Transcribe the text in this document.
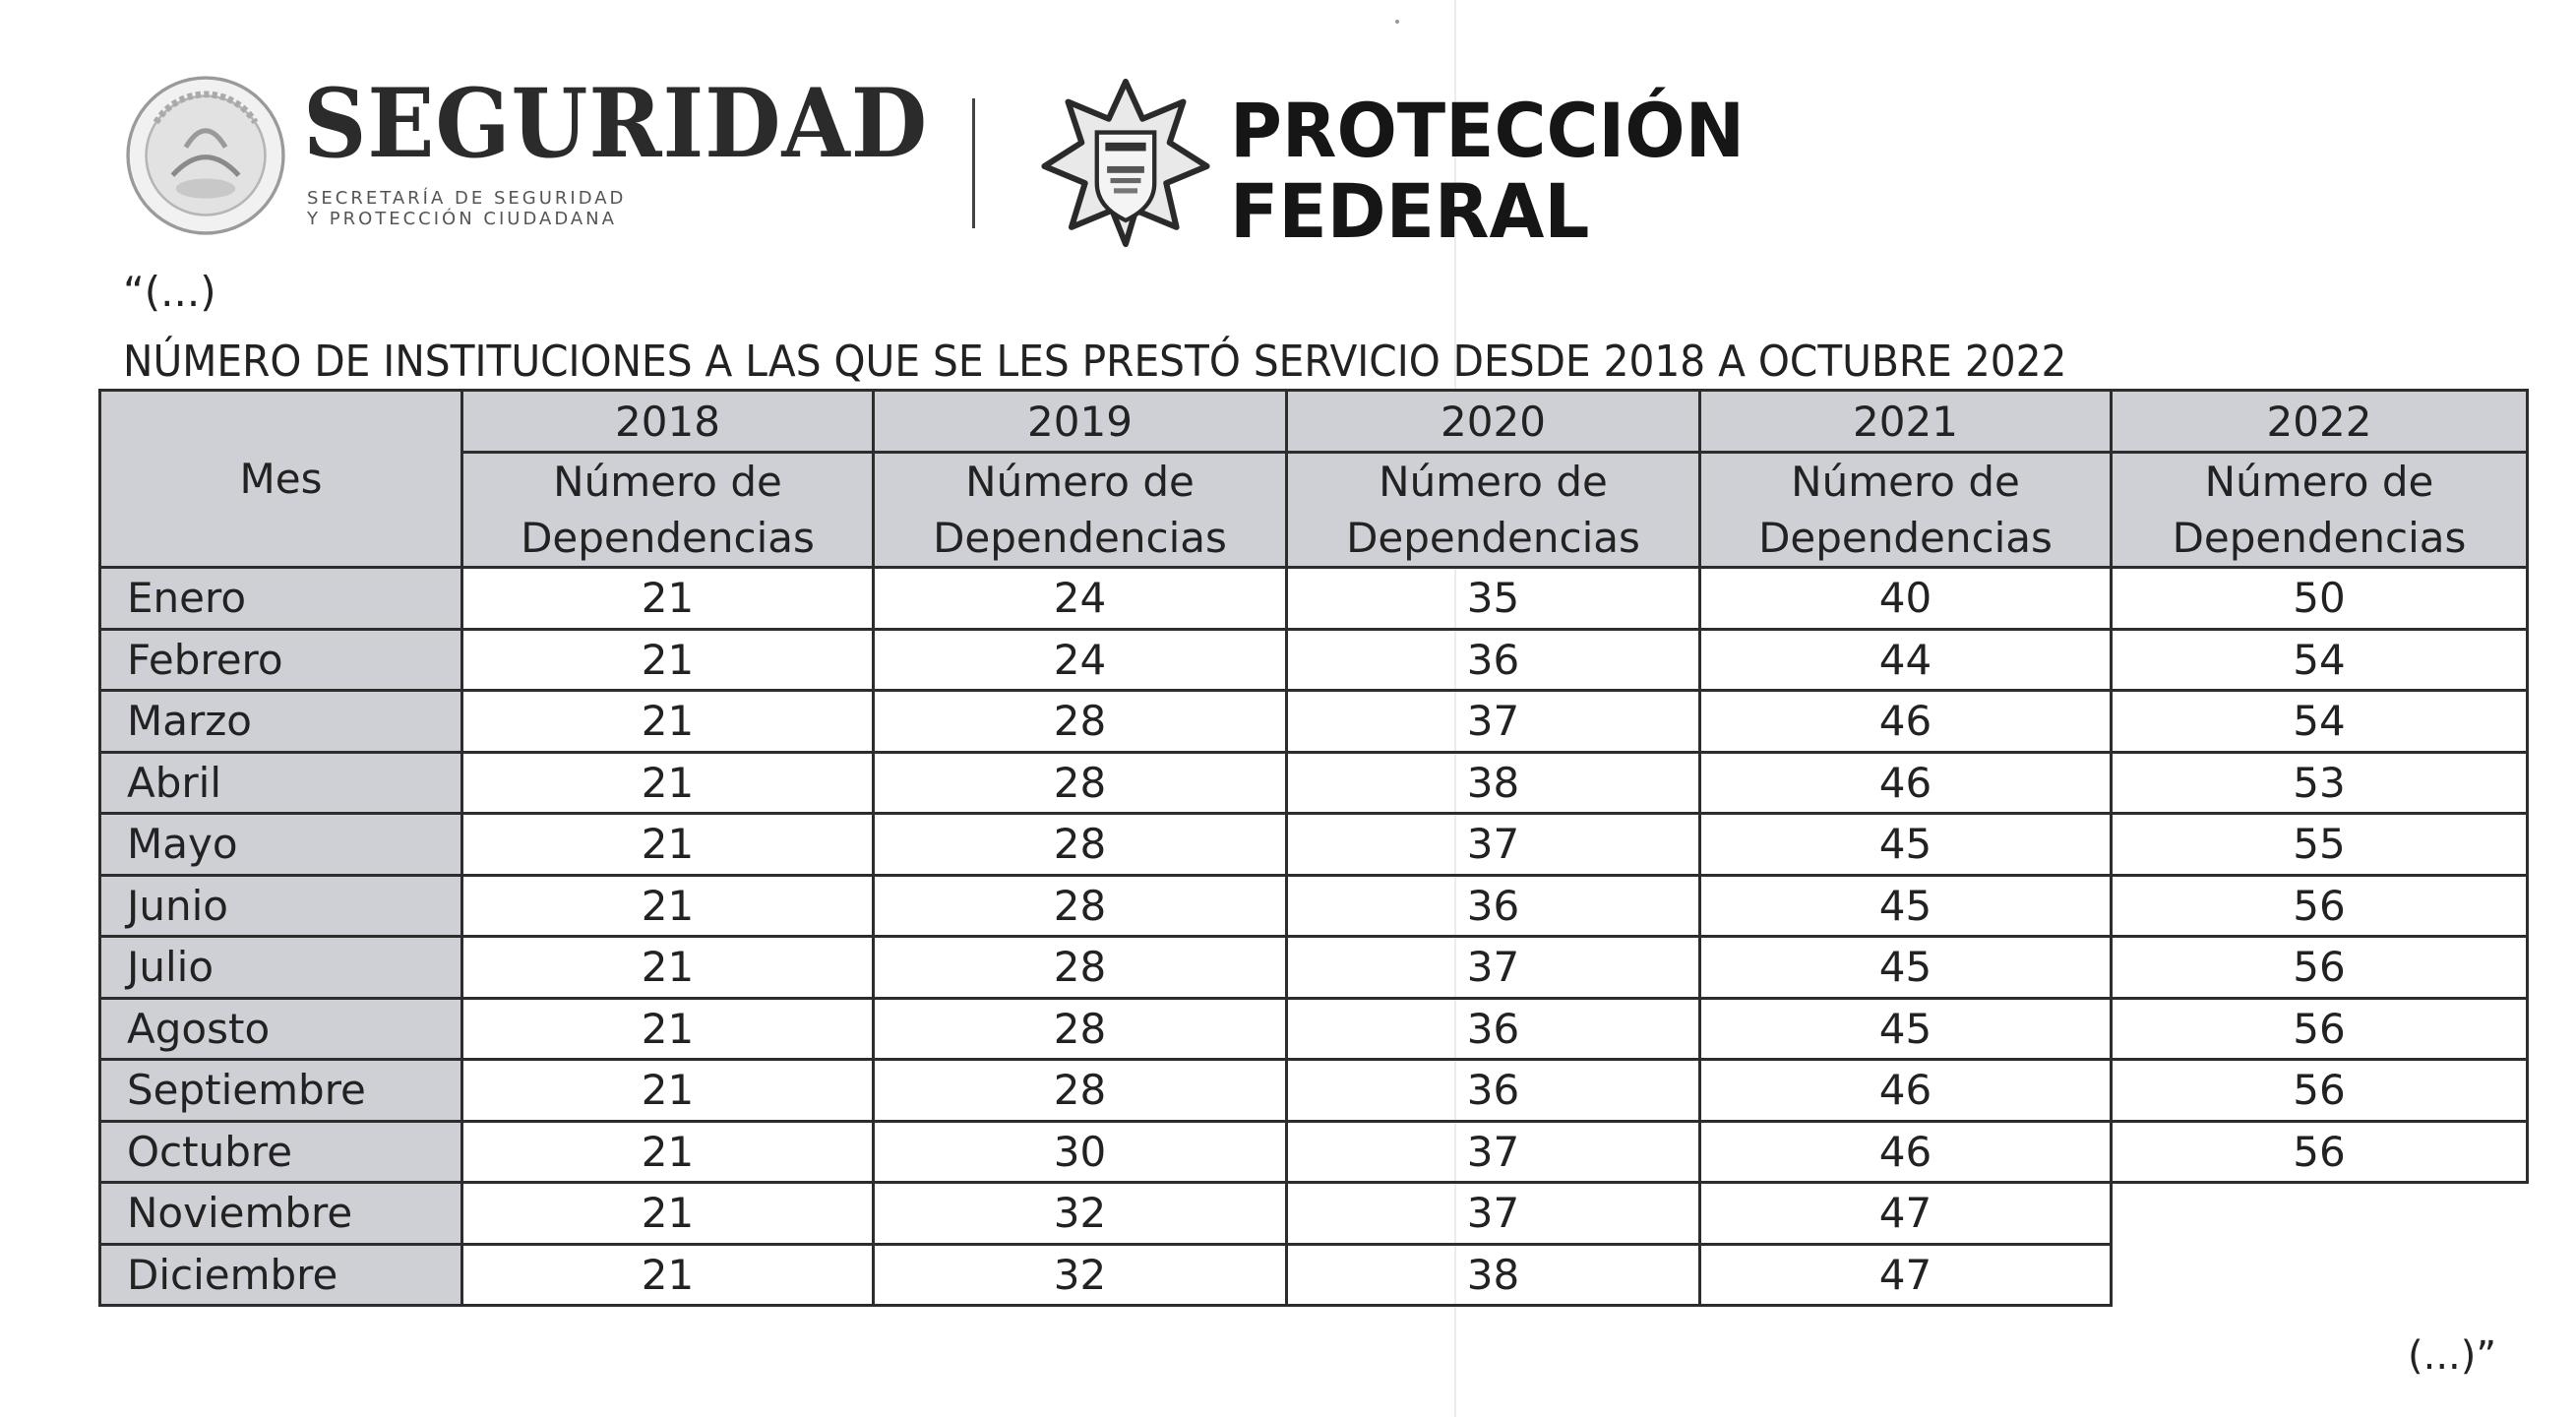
SEGURIDAD
SECRETARÍA DE SEGURIDAD
Y PROTECCIÓN CIUDADANA
PROTECCIÓN
FEDERAL
“(...)
NÚMERO DE INSTITUCIONES A LAS QUE SE LES PRESTÓ SERVICIO DESDE 2018 A OCTUBRE 2022
Mes	2018	2019	2020	2021	2022

Número de
Dependencias

Número de
Dependencias

Número de
Dependencias

Número de
Dependencias

Número de
Dependencias

Enero	21	24	35	40	50
Febrero	21	24	36	44	54
Marzo	21	28	37	46	54
Abril	21	28	38	46	53
Mayo	21	28	37	45	55
Junio	21	28	36	45	56
Julio	21	28	37	45	56
Agosto	21	28	36	45	56
Septiembre	21	28	36	46	56
Octubre	21	30	37	46	56
Noviembre	21	32	37	47	
Diciembre	21	32	38	47	
(...)”
